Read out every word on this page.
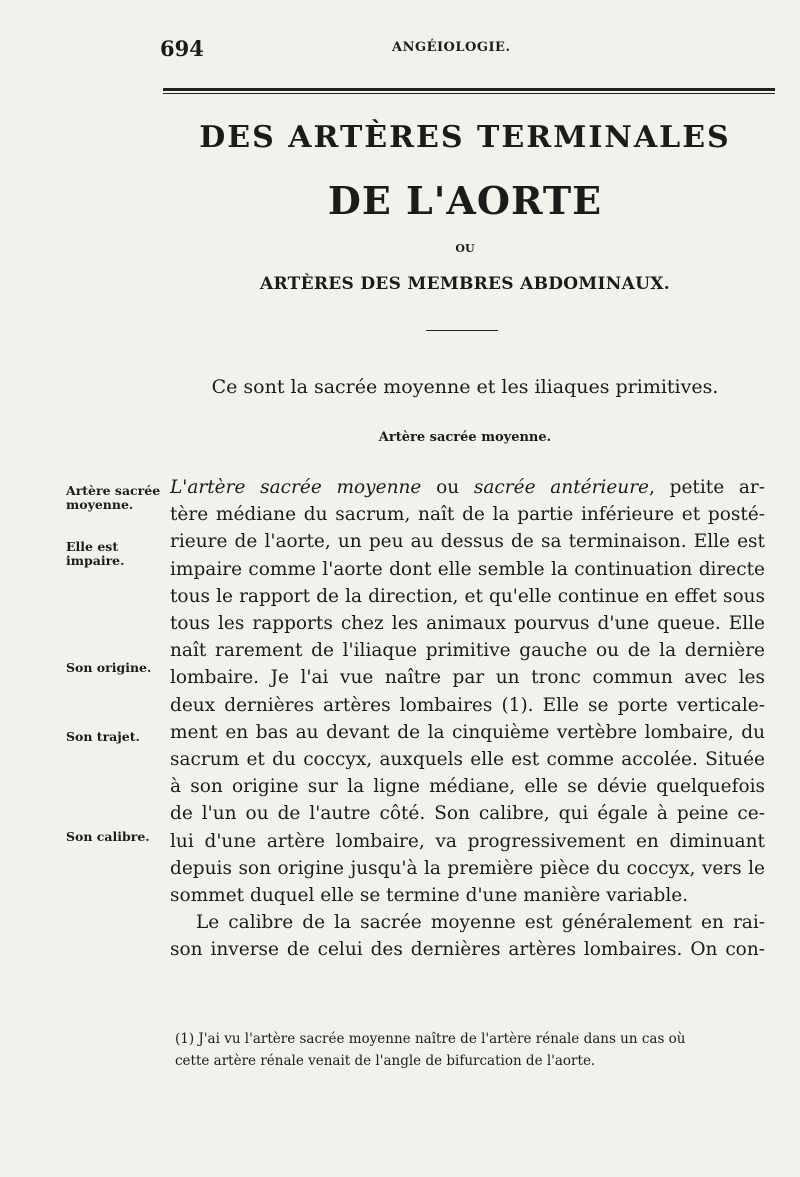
694	ANGÉIOLOGIE.
DES ARTÈRES TERMINALES
DE L'AORTE
OU
ARTÈRES DES MEMBRES ABDOMINAUX.
Ce sont la sacrée moyenne et les iliaques primitives.
Artère sacrée moyenne.
Artère sacrée moyenne.
Elle est impaire.
Son origine.
Son trajet.
Son calibre.
L'artère sacrée moyenne ou sacrée antérieure, petite ar-
tère médiane du sacrum, naît de la partie inférieure et posté-
rieure de l'aorte, un peu au dessus de sa terminaison. Elle est
impaire comme l'aorte dont elle semble la continuation directe
tous le rapport de la direction, et qu'elle continue en effet sous
tous les rapports chez les animaux pourvus d'une queue. Elle
naît rarement de l'iliaque primitive gauche ou de la dernière
lombaire. Je l'ai vue naître par un tronc commun avec les
deux dernières artères lombaires (1). Elle se porte verticale-
ment en bas au devant de la cinquième vertèbre lombaire, du
sacrum et du coccyx, auxquels elle est comme accolée. Située
à son origine sur la ligne médiane, elle se dévie quelquefois
de l'un ou de l'autre côté. Son calibre, qui égale à peine ce-
lui d'une artère lombaire, va progressivement en diminuant
depuis son origine jusqu'à la première pièce du coccyx, vers le
sommet duquel elle se termine d'une manière variable.
Le calibre de la sacrée moyenne est généralement en rai-
son inverse de celui des dernières artères lombaires. On con-
(1) J'ai vu l'artère sacrée moyenne naître de l'artère rénale dans un cas où
cette artère rénale venait de l'angle de bifurcation de l'aorte.
